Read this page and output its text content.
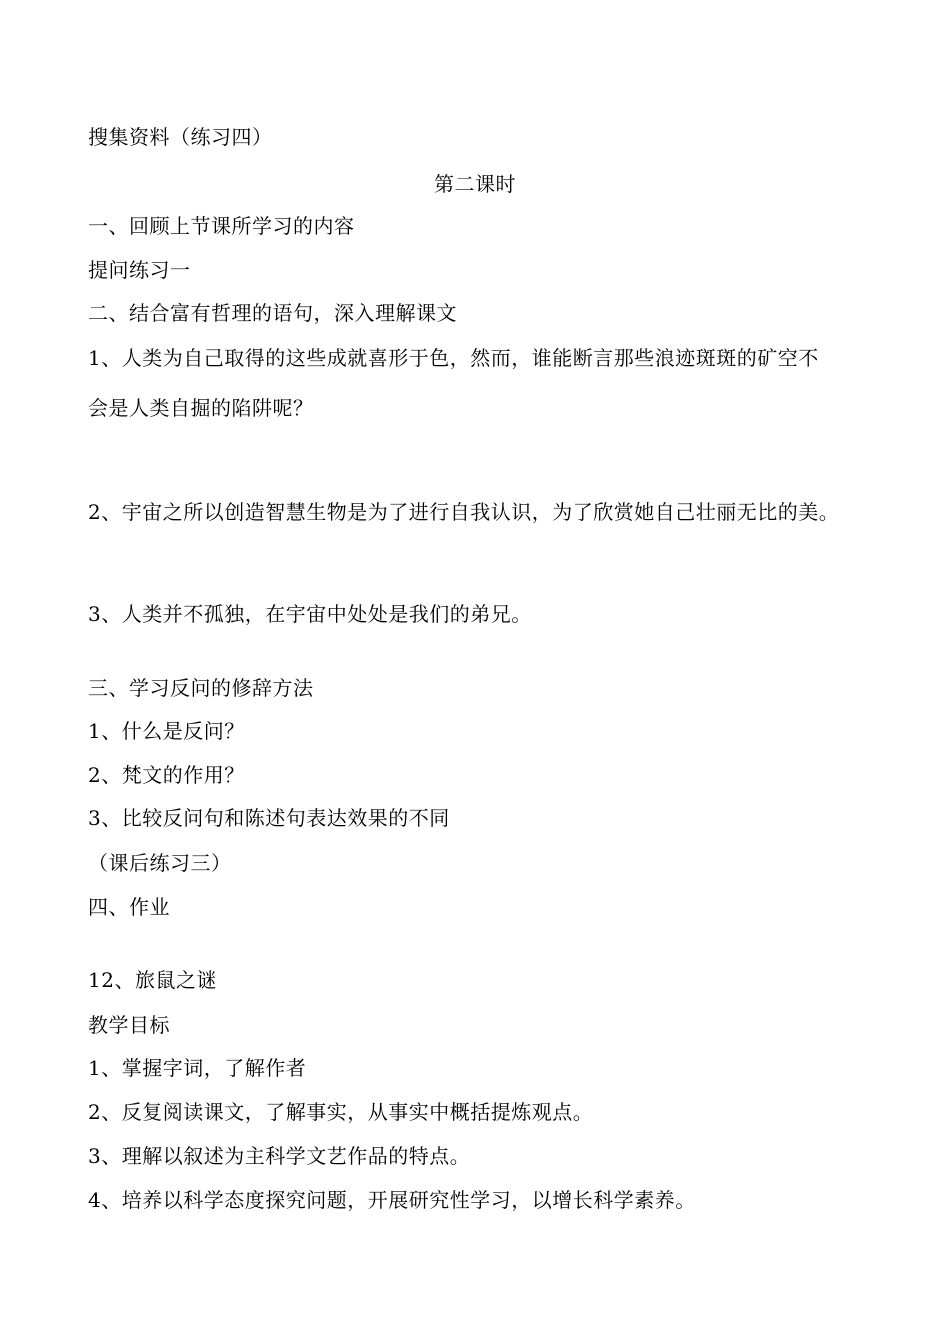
搜集资料（练习四）
第二课时
一、回顾上节课所学习的内容
提问练习一
二、结合富有哲理的语句，深入理解课文
1、人类为自己取得的这些成就喜形于色，然而，谁能断言那些浪迹斑斑的矿空不
会是人类自掘的陷阱呢？
2、宇宙之所以创造智慧生物是为了进行自我认识，为了欣赏她自己壮丽无比的美。
3、人类并不孤独，在宇宙中处处是我们的弟兄。
三、学习反问的修辞方法
1、什么是反问？
2、梵文的作用？
3、比较反问句和陈述句表达效果的不同
（课后练习三）
四、作业
12、旅鼠之谜
教学目标
1、掌握字词，了解作者
2、反复阅读课文，了解事实，从事实中概括提炼观点。
3、理解以叙述为主科学文艺作品的特点。
4、培养以科学态度探究问题，开展研究性学习，以增长科学素养。
